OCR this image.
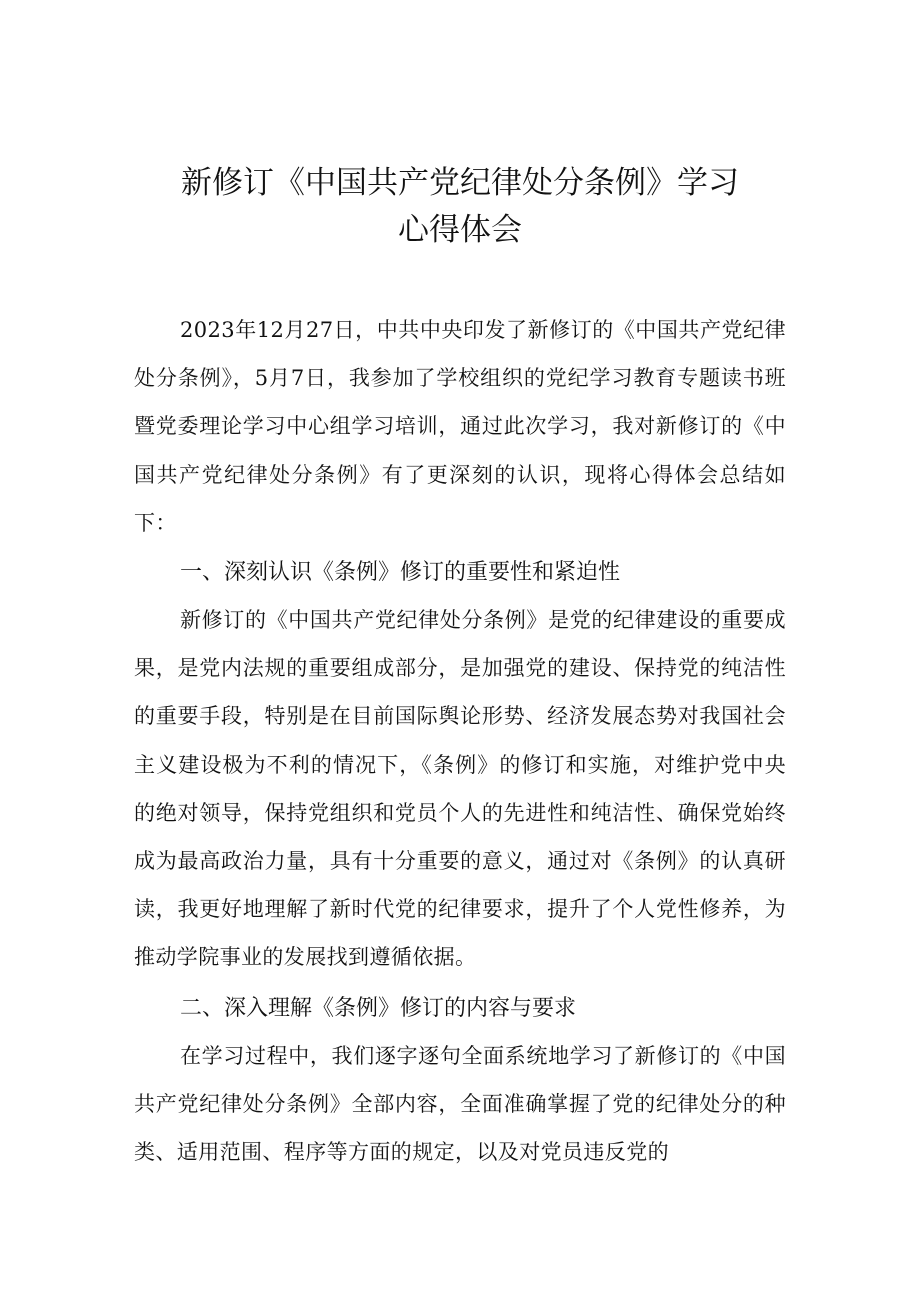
新修订《中国共产党纪律处分条例》学习
心得体会
2023年12月27日，中共中央印发了新修订的《中国共产党纪律处分条例》，5月7日，我参加了学校组织的党纪学习教育专题读书班暨党委理论学习中心组学习培训，通过此次学习，我对新修订的《中国共产党纪律处分条例》有了更深刻的认识，现将心得体会总结如下：
一、深刻认识《条例》修订的重要性和紧迫性
新修订的《中国共产党纪律处分条例》是党的纪律建设的重要成果，是党内法规的重要组成部分，是加强党的建设、保持党的纯洁性的重要手段，特别是在目前国际舆论形势、经济发展态势对我国社会主义建设极为不利的情况下，《条例》的修订和实施，对维护党中央的绝对领导，保持党组织和党员个人的先进性和纯洁性、确保党始终成为最高政治力量，具有十分重要的意义，通过对《条例》的认真研读，我更好地理解了新时代党的纪律要求，提升了个人党性修养，为推动学院事业的发展找到遵循依据。
二、深入理解《条例》修订的内容与要求
在学习过程中，我们逐字逐句全面系统地学习了新修订的《中国共产党纪律处分条例》全部内容，全面准确掌握了党的纪律处分的种类、适用范围、程序等方面的规定，以及对党员违反党的
